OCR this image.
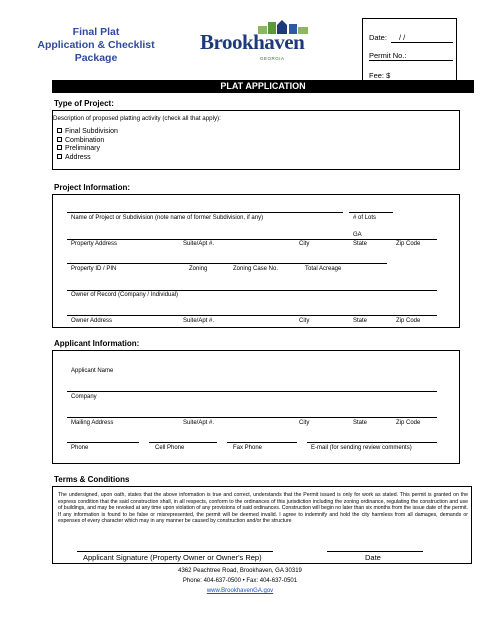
Final Plat
Application & Checklist
Package
Brookhaven
GEORGIA
Date: / /
Permit No.:
Fee: $
PLAT APPLICATION
Type of Project:
Description of proposed platting activity (check all that apply):
Final Subdivision
Combination
Preliminary
Address
Project Information:
Name of Project or Subdivision (note name of former Subdivision, if any)	# of Lots
GA
Property Address	Suite/Apt #.	City	State	Zip Code
Property ID / PIN	Zoning	Zoning Case No.	Total Acreage
Owner of Record (Company / Individual)
Owner Address	Suite/Apt #.	City	State	Zip Code
Applicant Information:
Applicant Name
Company
Mailing Address	Suite/Apt #.	City	State	Zip Code
Phone	Cell Phone	Fax Phone	E-mail (for sending review comments)
Terms & Conditions
The undersigned, upon oath, states that the above information is true and correct, understands that the Permit issued is only for work as stated. This permit is granted on the express condition that the said construction shall, in all respects, conform to the ordinances of this jurisdiction including the zoning ordinance, regulating the construction and use of buildings, and may be revoked at any time upon violation of any provisions of said ordinances. Construction will begin no later than six months from the issue date of the permit. If any information is found to be false or misrepresented, the permit will be deemed invalid. I agree to indemnify and hold the city harmless from all damages, demands or expenses of every character which may in any manner be caused by construction and/or the structure
Applicant Signature (Property Owner or Owner's Rep)	Date
4362 Peachtree Road, Brookhaven, GA 30319
Phone: 404-637-0500 • Fax: 404-637-0501
www.BrookhavenGA.gov
